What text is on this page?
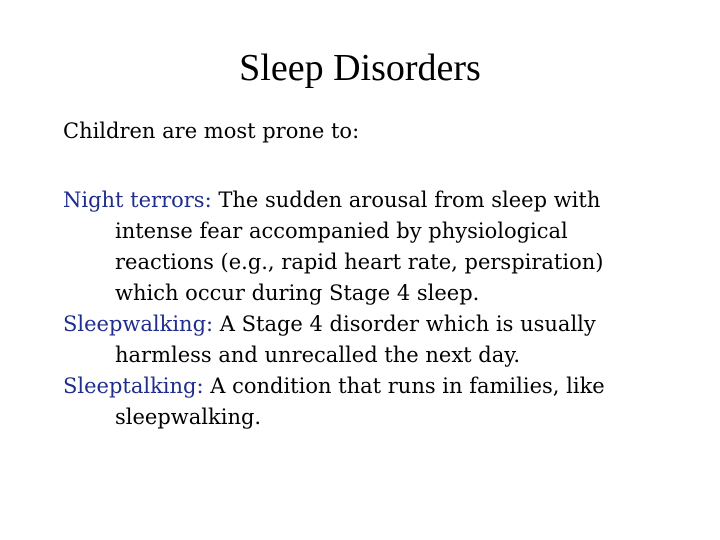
Sleep Disorders

Children are most prone to:

Night terrors: The sudden arousal from sleep with intense fear accompanied by physiological reactions (e.g., rapid heart rate, perspiration) which occur during Stage 4 sleep.
Sleepwalking: A Stage 4 disorder which is usually harmless and unrecalled the next day.
Sleeptalking: A condition that runs in families, like sleepwalking.
